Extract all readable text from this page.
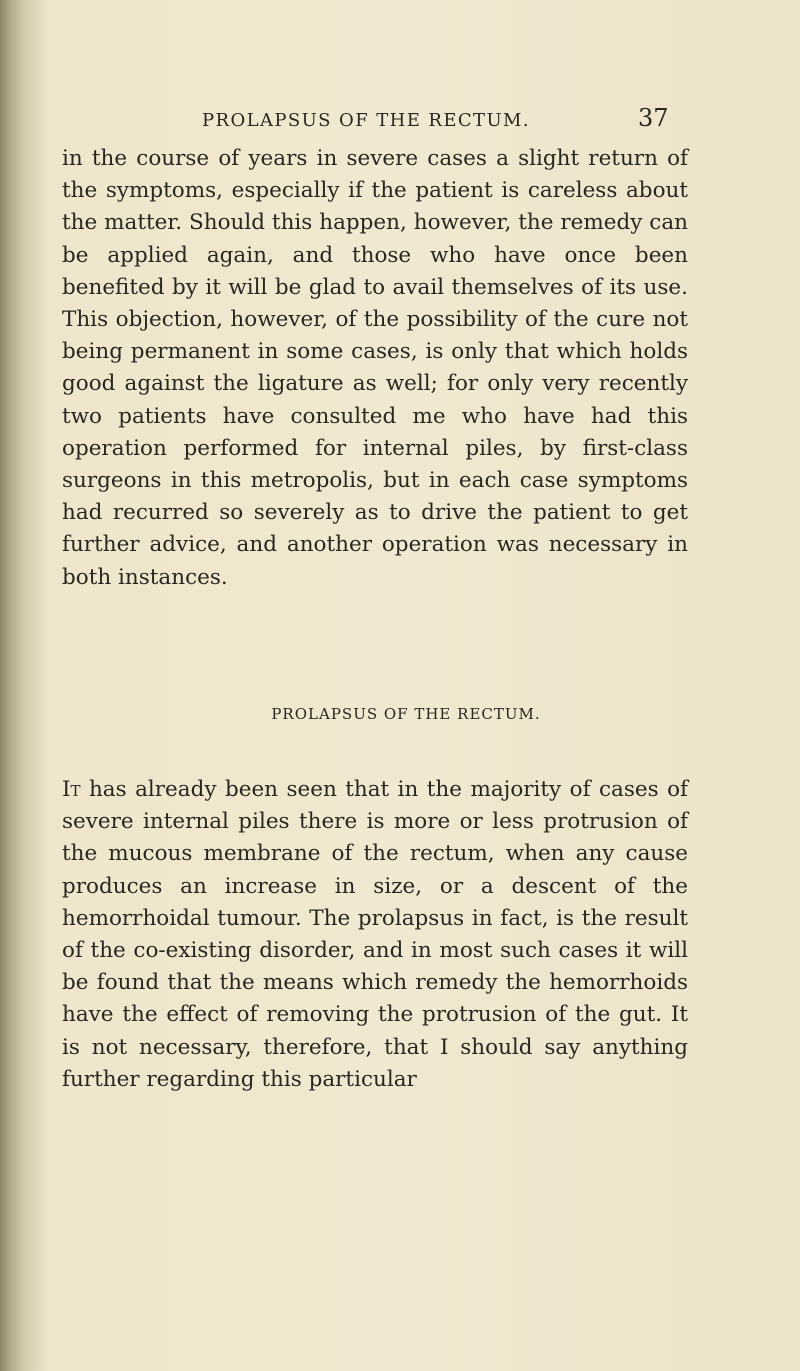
PROLAPSUS OF THE RECTUM.	37
in the course of years in severe cases a slight return of the symptoms, especially if the patient is careless about the matter. Should this happen, however, the remedy can be applied again, and those who have once been benefited by it will be glad to avail themselves of its use. This objection, however, of the possibility of the cure not being permanent in some cases, is only that which holds good against the ligature as well; for only very recently two patients have consulted me who have had this operation performed for internal piles, by first-class surgeons in this metropolis, but in each case symptoms had recurred so severely as to drive the patient to get further advice, and another operation was necessary in both instances.
PROLAPSUS OF THE RECTUM.
It has already been seen that in the majority of cases of severe internal piles there is more or less protrusion of the mucous membrane of the rectum, when any cause produces an increase in size, or a descent of the hemorrhoidal tumour. The prolapsus in fact, is the result of the co-existing disorder, and in most such cases it will be found that the means which remedy the hemorrhoids have the effect of removing the protrusion of the gut. It is not necessary, therefore, that I should say anything further regarding this particular
